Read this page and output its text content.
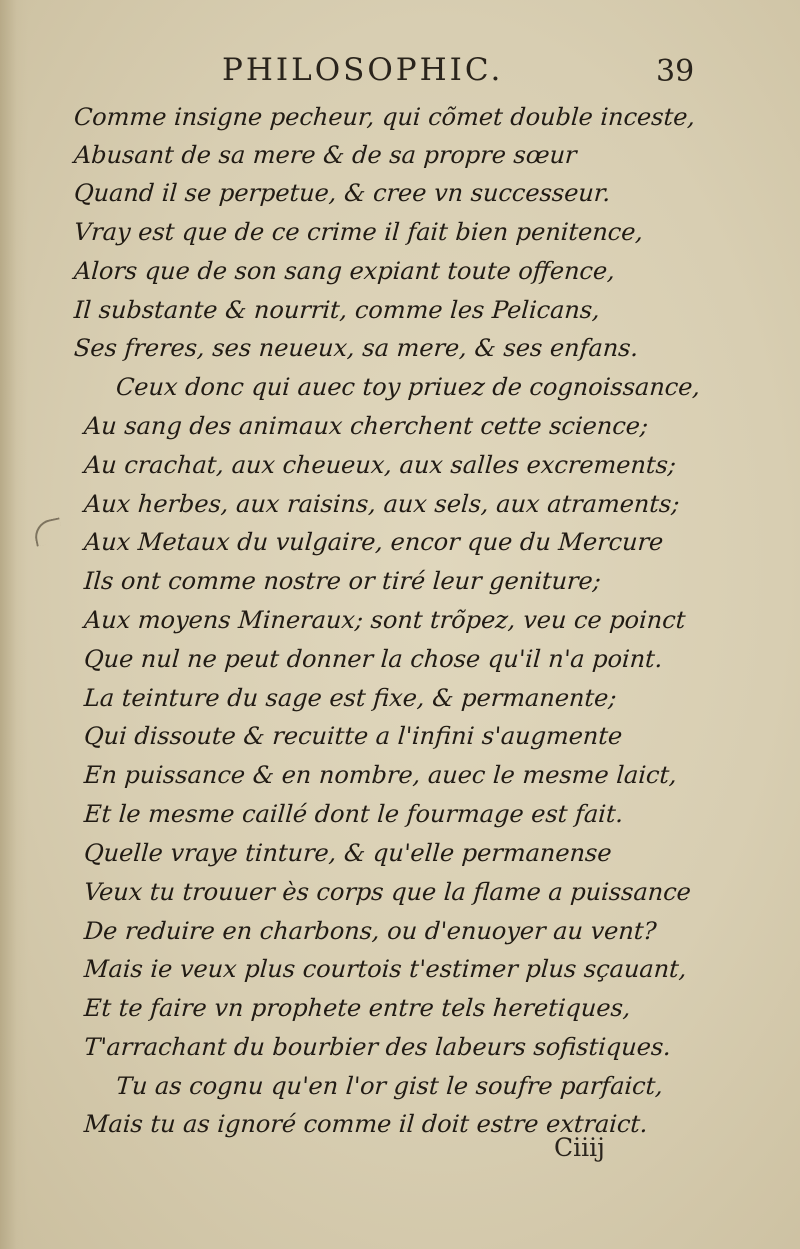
PHILOSOPHIC.	39
Comme insigne pecheur, qui cõmet double inceste,
Abusant de sa mere & de sa propre sœur
Quand il se perpetue, & cree vn successeur.
Vray est que de ce crime il fait bien penitence,
Alors que de son sang expiant toute offence,
Il substante & nourrit, comme les Pelicans,
Ses freres, ses neueux, sa mere, & ses enfans.
Ceux donc qui auec toy priuez de cognoissance,
Au sang des animaux cherchent cette science;
Au crachat, aux cheueux, aux salles excrements;
Aux herbes, aux raisins, aux sels, aux atraments;
Aux Metaux du vulgaire, encor que du Mercure
Ils ont comme nostre or tiré leur geniture;
Aux moyens Mineraux; sont trõpez, veu ce poinct
Que nul ne peut donner la chose qu'il n'a point.
La teinture du sage est fixe, & permanente;
Qui dissoute & recuitte a l'infini s'augmente
En puissance & en nombre, auec le mesme laict,
Et le mesme caillé dont le fourmage est fait.
Quelle vraye tinture, & qu'elle permanense
Veux tu trouuer ès corps que la flame a puissance
De reduire en charbons, ou d'enuoyer au vent?
Mais ie veux plus courtois t'estimer plus sçauant,
Et te faire vn prophete entre tels heretiques,
T'arrachant du bourbier des labeurs sofistiques.
Tu as cognu qu'en l'or gist le soufre parfaict,
Mais tu as ignoré comme il doit estre extraict.
Ciiij
